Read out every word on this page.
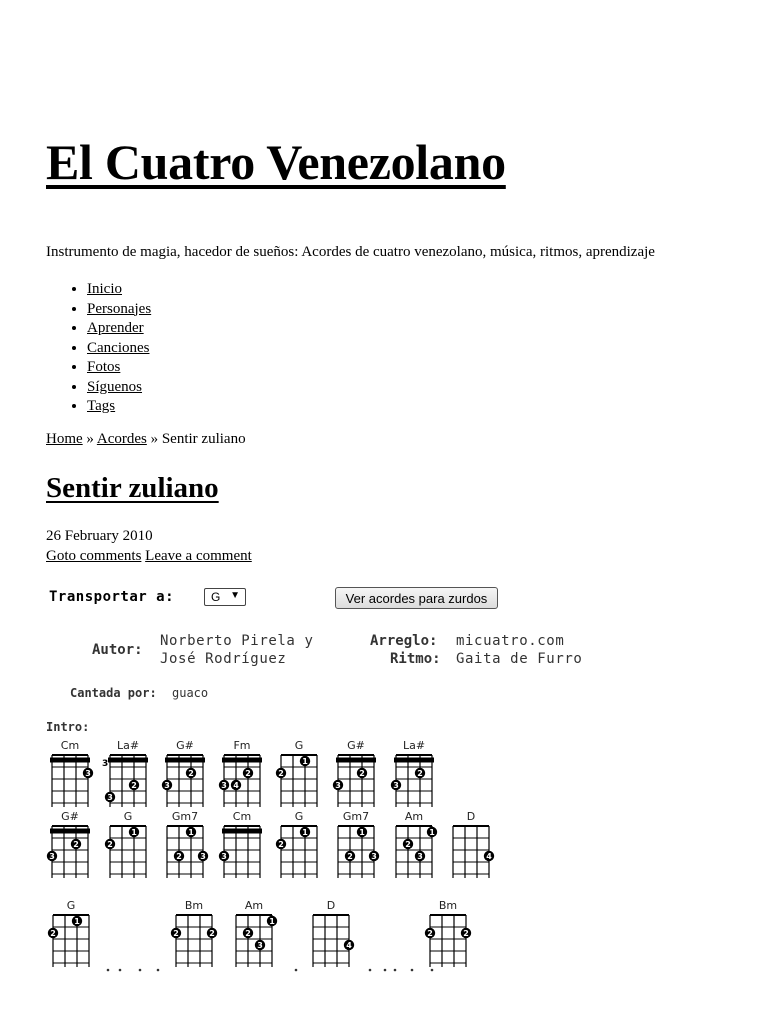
El Cuatro Venezolano
Instrumento de magia, hacedor de sueños: Acordes de cuatro venezolano, música, ritmos, aprendizaje
• Inicio
• Personajes
• Aprender
• Canciones
• Fotos
• Síguenos
• Tags
Home » Acordes » Sentir zuliano
Sentir zuliano
26 February 2010
Goto comments Leave a comment
Transportar a:	G ▼	Ver acordes para zurdos
Autor:
Norberto Pirela y
José Rodríguez
Arreglo: micuatro.com
Ritmo: Gaita de Furro
Cantada por: guaco
Intro:
Cm
3
La#
3
2
3
G#
2
3
Fm
2
3 4
G
1
2
G#
2
3
La#
2
3
G#
2
3
G
1
2
Gm7
1
2 3
Cm
3
G
1
2
Gm7
1
2 3
Am
1
2
3
D
4
G
1
2
Bm
2	2
Am
1
2
3
D
4
Bm
2	2
